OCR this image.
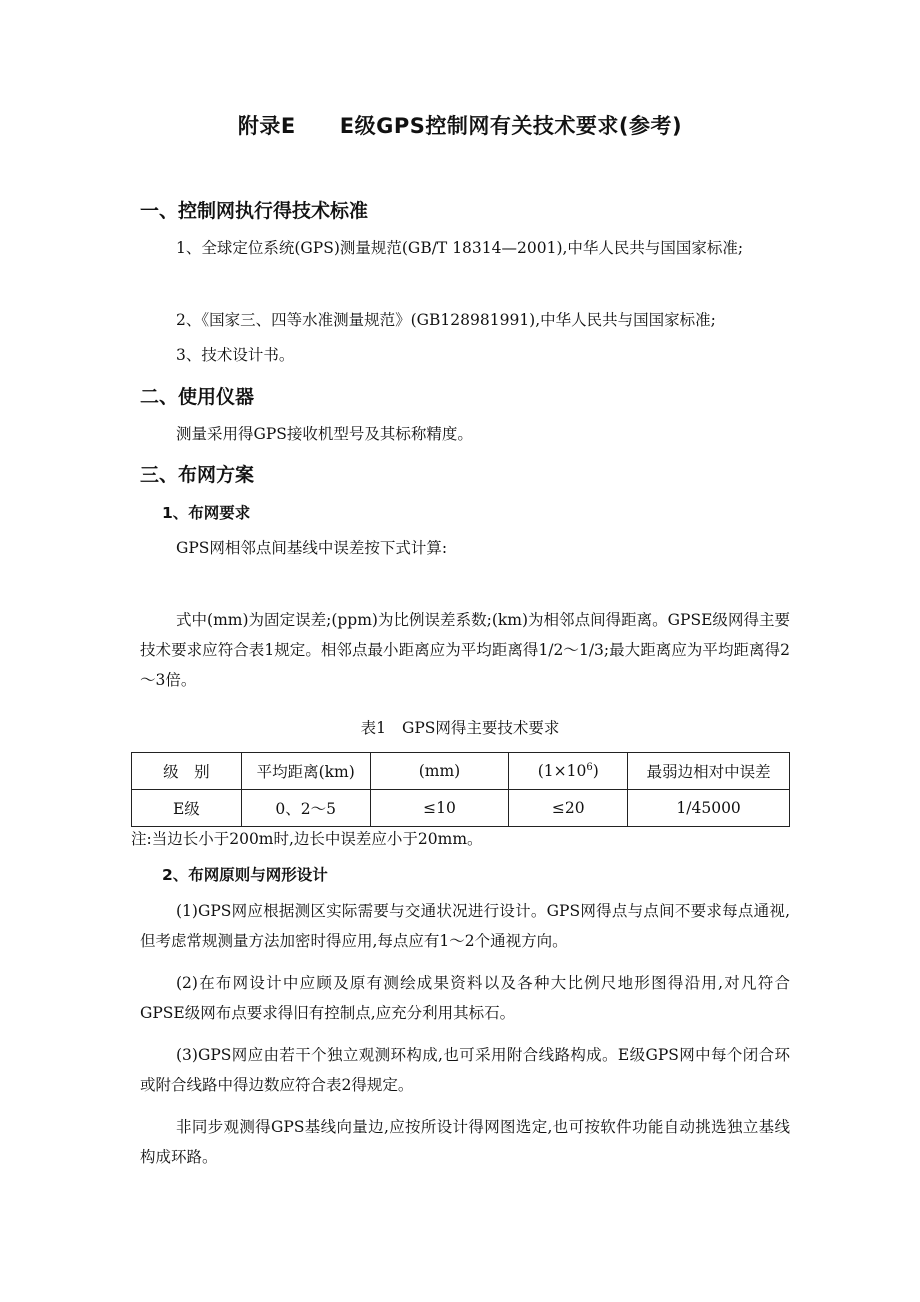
附录E E级GPS控制网有关技术要求(参考)
一、控制网执行得技术标准
1、全球定位系统(GPS)测量规范(GB/T 18314—2001),中华人民共与国国家标准;
2、《国家三、四等水准测量规范》(GB128981991),中华人民共与国国家标准;
3、技术设计书。
二、使用仪器
测量采用得GPS接收机型号及其标称精度。
三、布网方案
1、布网要求
GPS网相邻点间基线中误差按下式计算:
式中(mm)为固定误差;(ppm)为比例误差系数;(km)为相邻点间得距离。GPSE级网得主要技术要求应符合表1规定。相邻点最小距离应为平均距离得1/2～1/3;最大距离应为平均距离得2～3倍。
表1 GPS网得主要技术要求
级　别	平均距离(km)	(mm)	$(1\times 10^6)$	最弱边相对中误差
E级	0、2～5	≤10	≤20	1/45000
注:当边长小于200m时,边长中误差应小于20mm。
2、布网原则与网形设计
(1)GPS网应根据测区实际需要与交通状况进行设计。GPS网得点与点间不要求每点通视,但考虑常规测量方法加密时得应用,每点应有1～2个通视方向。
(2)在布网设计中应顾及原有测绘成果资料以及各种大比例尺地形图得沿用,对凡符合GPSE级网布点要求得旧有控制点,应充分利用其标石。
(3)GPS网应由若干个独立观测环构成,也可采用附合线路构成。E级GPS网中每个闭合环或附合线路中得边数应符合表2得规定。
非同步观测得GPS基线向量边,应按所设计得网图选定,也可按软件功能自动挑选独立基线构成环路。
